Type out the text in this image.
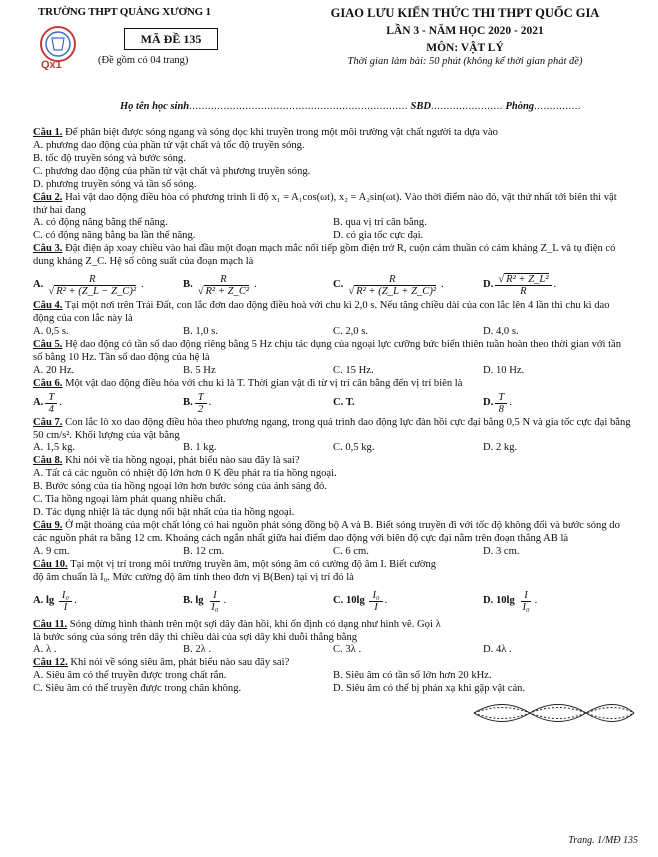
TRƯỜNG THPT QUẢNG XƯƠNG 1
Qx1
MÃ ĐỀ 135
(Đề gồm có 04 trang)
GIAO LƯU KIẾN THỨC THI THPT QUỐC GIA
LẦN 3 - NĂM HỌC 2020 - 2021
MÔN: VẬT LÝ
Thời gian làm bài: 50 phút (không kể thời gian phát đề)
Họ tên học sinh...................................................................... SBD....................... Phòng...............
Câu 1. Để phân biệt được sóng ngang và sóng dọc khi truyền trong một môi trường vật chất người ta dựa vào
A. phương dao động của phần tử vật chất và tốc độ truyền sóng.
B. tốc độ truyền sóng và bước sóng.
C. phương dao động của phần tử vật chất và phương truyền sóng.
D. phương truyền sóng và tần số sóng.
Câu 2. Hai vật dao động điều hòa có phương trình li độ x₁ = A₁cos(ωt), x₂ = A₂sin(ωt). Vào thời điểm nào đó, vật thứ nhất tới biên thì vật thứ hai đang
A. có động năng bằng thế năng.	B. qua vị trí cân bằng.
C. có động năng bằng ba lần thế năng.	D. có gia tốc cực đại.
Câu 3. Đặt điện áp xoay chiều vào hai đầu một đoạn mạch mắc nối tiếp gồm điện trở R, cuộn cảm thuần có cảm kháng Z_L và tụ điện có dung kháng Z_C. Hệ số công suất của đoạn mạch là
A. $\frac{R}{\text{√ R² + (Z\_L − Z\_C)²}}$ .	B. $\frac{R}{\text{√ R² + Z\_C²}}$ .	C. $\frac{R}{\text{√ R² + (Z\_L + Z\_C)²}}$ .	D. $\frac{\text{√ R² + Z\_L²}}{R}$ .
Câu 4. Tại một nơi trên Trái Đất, con lắc đơn dao động điều hoà với chu kì 2,0 s. Nếu tăng chiều dài của con lắc lên 4 lần thì chu kì dao động của con lắc này là
A. 0,5 s.	B. 1,0 s.	C. 2,0 s.	D. 4,0 s.
Câu 5. Hệ dao động có tần số dao động riêng bằng 5 Hz chịu tác dụng của ngoại lực cưỡng bức biến thiên tuần hoàn theo thời gian với tần số bằng 10 Hz. Tần số dao động của hệ là
A. 20 Hz.	B. 5 Hz	C. 15 Hz.	D. 10 Hz.
Câu 6. Một vật dao động điều hòa với chu kì là T. Thời gian vật đi từ vị trí cân bằng đến vị trí biên là
A. $\frac{T}{4}$ .	B. $\frac{T}{2}$ .	C. T.	D. $\frac{T}{8}$ .
Câu 7. Con lắc lò xo dao động điều hòa theo phương ngang, trong quá trình dao động lực đàn hồi cực đại bằng 0,5 N và gia tốc cực đại bằng 50 cm/s². Khối lượng của vật bằng
A. 1,5 kg.	B. 1 kg.	C. 0,5 kg.	D. 2 kg.
Câu 8. Khi nói về tia hồng ngoại, phát biểu nào sau đây là sai?
A. Tất cả các nguồn có nhiệt độ lớn hơn 0 K đều phát ra tia hồng ngoại.
B. Bước sóng của tia hồng ngoại lớn hơn bước sóng của ánh sáng đỏ.
C. Tia hồng ngoại làm phát quang nhiều chất.
D. Tác dụng nhiệt là tác dụng nổi bật nhất của tia hồng ngoại.
Câu 9. Ở mặt thoáng của một chất lỏng có hai nguồn phát sóng đồng bộ A và B. Biết sóng truyền đi với tốc độ không đổi và bước sóng do các nguồn phát ra bằng 12 cm. Khoảng cách ngắn nhất giữa hai điểm dao động với biên độ cực đại nằm trên đoạn thẳng AB là
A. 9 cm.	B. 12 cm.	C. 6 cm.	D. 3 cm.
Câu 10. Tại một vị trí trong môi trường truyền âm, một sóng âm có cường độ âm I. Biết cường độ âm chuẩn là I₀. Mức cường độ âm tính theo đơn vị B(Ben) tại vị trí đó là
A. lg
$\frac{\text{I₀}}{I}$ .	B. lg
$\frac{I}{\text{I₀}}$ .	C. 10lg
$\frac{\text{I₀}}{I}$ .	D. 10lg
$\frac{I}{\text{I₀}}$ .
Câu 11. Sóng dừng hình thành trên một sợi dây đàn hồi, khi ổn định có dạng như hình vẽ. Gọi λ là bước sóng của sóng trên dây thì chiều dài của sợi dây khi duỗi thẳng bằng
A. λ .	B. 2λ .	C. 3λ .	D. 4λ .
Câu 12. Khi nói về sóng siêu âm, phát biểu nào sau đây sai?
A. Siêu âm có thể truyền được trong chất rắn.	B. Siêu âm có tần số lớn hơn 20 kHz.
C. Siêu âm có thể truyền được trong chân không.	D. Siêu âm có thể bị phản xạ khi gặp vật cản.
Trang. 1/MĐ 135
